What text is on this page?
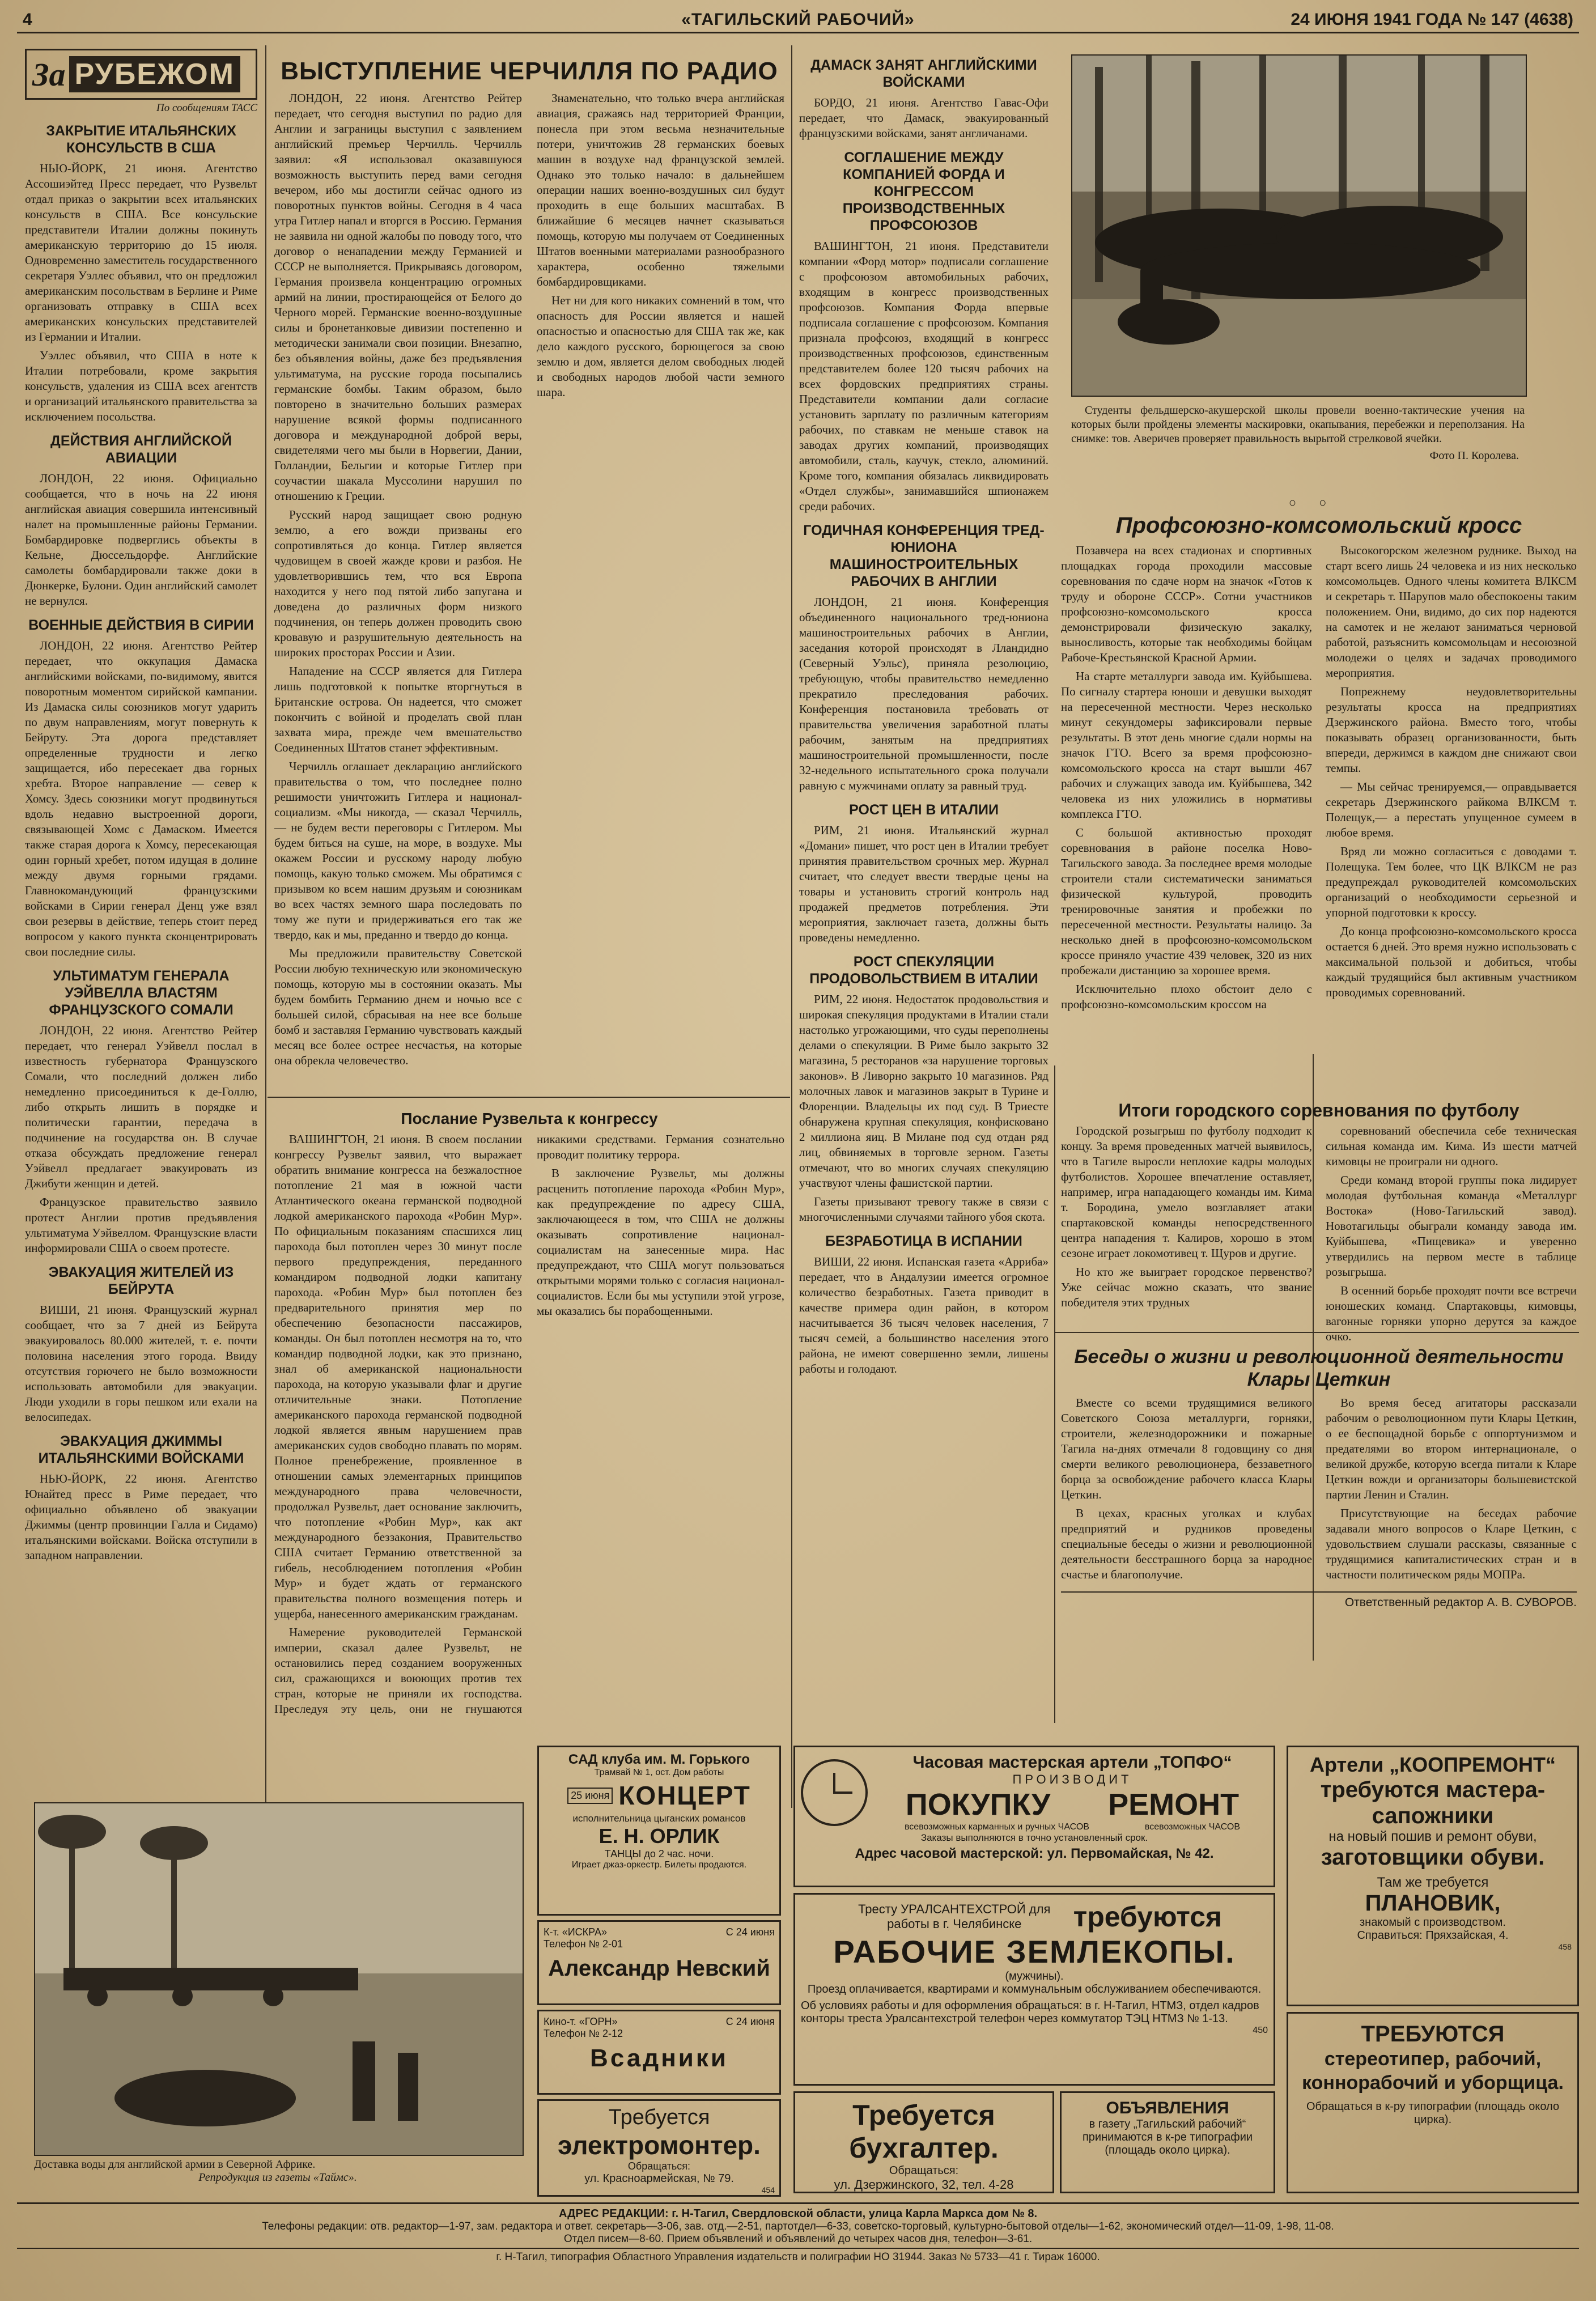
4	«ТАГИЛЬСКИЙ РАБОЧИЙ»	24 ИЮНЯ 1941 ГОДА № 147 (4638)
За РУБЕЖОМ
По сообщениям ТАСС
ЗАКРЫТИЕ ИТАЛЬЯНСКИХ КОНСУЛЬСТВ В США

НЬЮ-ЙОРК, 21 июня. Агентство Ассошиэйтед Пресс передает, что Рузвельт отдал приказ о закрытии всех итальянских консульств в США. Все консульские представители Италии должны покинуть американскую территорию до 15 июля. Одновременно заместитель государственного секретаря Уэллес объявил, что он предложил американским посольствам в Берлине и Риме организовать отправку в США всех американских консульских представителей из Германии и Италии.

Уэллес объявил, что США в ноте к Италии потребовали, кроме закрытия консульств, удаления из США всех агентств и организаций итальянского правительства за исключением посольства.

ДЕЙСТВИЯ АНГЛИЙСКОЙ АВИАЦИИ

ЛОНДОН, 22 июня. Официально сообщается, что в ночь на 22 июня английская авиация совершила интенсивный налет на промышленные районы Германии. Бомбардировке подверглись объекты в Кельне, Дюссельдорфе. Английские самолеты бомбардировали также доки в Дюнкерке, Булони. Один английский самолет не вернулся.

ВОЕННЫЕ ДЕЙСТВИЯ В СИРИИ

ЛОНДОН, 22 июня. Агентство Рейтер передает, что оккупация Дамаска английскими войсками, по-видимому, явится поворотным моментом сирийской кампании. Из Дамаска силы союзников могут ударить по двум направлениям, могут повернуть к Бейруту. Эта дорога представляет определенные трудности и легко защищается, ибо пересекает два горных хребта. Второе направление — север к Хомсу. Здесь союзники могут продвинуться вдоль недавно выстроенной дороги, связывающей Хомс с Дамаском. Имеется также старая дорога к Хомсу, пересекающая один горный хребет, потом идущая в долине между двумя горными грядами. Главнокомандующий французскими войсками в Сирии генерал Денц уже взял свои резервы в действие, теперь стоит перед вопросом у какого пункта сконцентрировать свои последние силы.

УЛЬТИМАТУМ ГЕНЕРАЛА УЭЙВЕЛЛА ВЛАСТЯМ ФРАНЦУЗСКОГО СОМАЛИ

ЛОНДОН, 22 июня. Агентство Рейтер передает, что генерал Уэйвелл послал в известность губернатора Французского Сомали, что последний должен либо немедленно присоединиться к де-Голлю, либо открыть лишить в порядке и политически гарантии, передача в подчинение на государства он. В случае отказа обсуждать предложение генерал Уэйвелл предлагает эвакуировать из Джибути женщин и детей.

Французское правительство заявило протест Англии против предъявления ультиматума Уэйвеллом. Французские власти информировали США о своем протесте.

ЭВАКУАЦИЯ ЖИТЕЛЕЙ ИЗ БЕЙРУТА

ВИШИ, 21 июня. Французский журнал сообщает, что за 7 дней из Бейрута эвакуировалось 80.000 жителей, т. е. почти половина населения этого города. Ввиду отсутствия горючего не было возможности использовать автомобили для эвакуации. Люди уходили в горы пешком или ехали на велосипедах.

ЭВАКУАЦИЯ ДЖИММЫ ИТАЛЬЯНСКИМИ ВОЙСКАМИ

НЬЮ-ЙОРК, 22 июня. Агентство Юнайтед пресс в Риме передает, что официально объявлено об эвакуации Джиммы (центр провинции Галла и Сидамо) итальянскими войсками. Войска отступили в западном направлении.

ВЫСТУПЛЕНИЕ ЧЕРЧИЛЛЯ ПО РАДИО

ЛОНДОН, 22 июня. Агентство Рейтер передает, что сегодня выступил по радио для Англии и заграницы выступил с заявлением английский премьер Черчилль. Черчилль заявил: «Я использовал оказавшуюся возможность выступить перед вами сегодня вечером, ибо мы достигли сейчас одного из поворотных пунктов войны. Сегодня в 4 часа утра Гитлер напал и вторгся в Россию. Германия не заявила ни одной жалобы по поводу того, что договор о ненападении между Германией и СССР не выполняется. Прикрываясь договором, Германия произвела концентрацию огромных армий на линии, простирающейся от Белого до Черного морей. Германские военно-воздушные силы и бронетанковые дивизии постепенно и методически занимали свои позиции. Внезапно, без объявления войны, даже без предъявления ультиматума, на русские города посыпались германские бомбы. Таким образом, было повторено в значительно больших размерах нарушение всякой формы подписанного договора и международной доброй веры, свидетелями чего мы были в Норвегии, Дании, Голландии, Бельгии и которые Гитлер при соучастии шакала Муссолини нарушил по отношению к Греции.

Русский народ защищает свою родную землю, а его вожди призваны его сопротивляться до конца. Гитлер является чудовищем в своей жажде крови и разбоя. Не удовлетворившись тем, что вся Европа находится у него под пятой либо запугана и доведена до различных форм низкого подчинения, он теперь должен проводить свою кровавую и разрушительную деятельность на широких просторах России и Азии.

Нападение на СССР является для Гитлера лишь подготовкой к попытке вторгнуться в Британские острова. Он надеется, что сможет покончить с войной и проделать свой план захвата мира, прежде чем вмешательство Соединенных Штатов станет эффективным.

Черчилль оглашает декларацию английского правительства о том, что последнее полно решимости уничтожить Гитлера и национал-социализм. «Мы никогда, — сказал Черчилль, — не будем вести переговоры с Гитлером. Мы будем биться на суше, на море, в воздухе. Мы окажем России и русскому народу любую помощь, какую только сможем. Мы обратимся с призывом ко всем нашим друзьям и союзникам во всех частях земного шара последовать по тому же пути и придерживаться его так же твердо, как и мы, преданно и твердо до конца.

Мы предложили правительству Советской России любую техническую или экономическую помощь, которую мы в состоянии оказать. Мы будем бомбить Германию днем и ночью все с большей силой, сбрасывая на нее все больше бомб и заставляя Германию чувствовать каждый месяц все более острее несчастья, на которые она обрекла человечество.

Знаменательно, что только вчера английская авиация, сражаясь над территорией Франции, понесла при этом весьма незначительные потери, уничтожив 28 германских боевых машин в воздухе над французской землей. Однако это только начало: в дальнейшем операции наших военно-воздушных сил будут проходить в еще больших масштабах. В ближайшие 6 месяцев начнет сказываться помощь, которую мы получаем от Соединенных Штатов военными материалами разнообразного характера, особенно тяжелыми бомбардировщиками.

Нет ни для кого никаких сомнений в том, что опасность для России является и нашей опасностью и опасностью для США так же, как дело каждого русского, борющегося за свою землю и дом, является делом свободных людей и свободных народов любой части земного шара.

Послание Рузвельта к конгрессу

ВАШИНГТОН, 21 июня. В своем послании конгрессу Рузвельт заявил, что выражает обратить внимание конгресса на безжалостное потопление 21 мая в южной части Атлантического океана германской подводной лодкой американского парохода «Робин Мур». По официальным показаниям спасшихся лиц парохода был потоплен через 30 минут после первого предупреждения, переданного командиром подводной лодки капитану парохода. «Робин Мур» был потоплен без предварительного принятия мер по обеспечению безопасности пассажиров, команды. Он был потоплен несмотря на то, что командир подводной лодки, как это признано, знал об американской национальности парохода, на которую указывали флаг и другие отличительные знаки. Потопление американского парохода германской подводной лодкой является явным нарушением прав американских судов свободно плавать по морям. Полное пренебрежение, проявленное в отношении самых элементарных принципов международного права человечности, продолжал Рузвельт, дает основание заключить, что потопление «Робин Мур», как акт международного беззакония, Правительство США считает Германию ответственной за гибель, несоблюдением потопления «Робин Мур» и будет ждать от германского правительства полного возмещения потерь и ущерба, нанесенного американским гражданам.

Намерение руководителей Германской империи, сказал далее Рузвельт, не остановились перед созданием вооруженных сил, сражающихся и воюющих против тех стран, которые не приняли их господства. Преследуя эту цель, они не гнушаются никакими средствами. Германия сознательно проводит политику террора.

В заключение Рузвельт, мы должны расценить потопление парохода «Робин Мур», как предупреждение по адресу США, заключающееся в том, что США не должны оказывать сопротивление национал-социалистам на занесенные мира. Нас предупреждают, что США могут пользоваться открытыми морями только с согласия национал-социалистов. Если бы мы уступили этой угрозе, мы оказались бы порабощенными.

ДАМАСК ЗАНЯТ АНГЛИЙСКИМИ ВОЙСКАМИ

БОРДО, 21 июня. Агентство Гавас-Офи передает, что Дамаск, эвакуированный французскими войсками, занят англичанами.

СОГЛАШЕНИЕ МЕЖДУ КОМПАНИЕЙ ФОРДА И КОНГРЕССОМ ПРОИЗВОДСТВЕННЫХ ПРОФСОЮЗОВ

ВАШИНГТОН, 21 июня. Представители компании «Форд мотор» подписали соглашение с профсоюзом автомобильных рабочих, входящим в конгресс производственных профсоюзов. Компания Форда впервые подписала соглашение с профсоюзом. Компания признала профсоюз, входящий в конгресс производственных профсоюзов, единственным представителем более 120 тысяч рабочих на всех фордовских предприятиях страны. Представители компании дали согласие установить зарплату по различным категориям рабочих, по ставкам не меньше ставок на заводах других компаний, производящих автомобили, сталь, каучук, стекло, алюминий. Кроме того, компания обязалась ликвидировать «Отдел службы», занимавшийся шпионажем среди рабочих.

ГОДИЧНАЯ КОНФЕРЕНЦИЯ ТРЕД-ЮНИОНА МАШИНОСТРОИТЕЛЬНЫХ РАБОЧИХ В АНГЛИИ

ЛОНДОН, 21 июня. Конференция объединенного национального тред-юниона машиностроительных рабочих в Англии, заседания которой происходят в Лландидно (Северный Уэльс), приняла резолюцию, требующую, чтобы правительство немедленно прекратило преследования рабочих. Конференция постановила требовать от правительства увеличения заработной платы рабочим, занятым на предприятиях машиностроительной промышленности, после 32-недельного испытательного срока получали равную с мужчинами оплату за равный труд.

РОСТ ЦЕН В ИТАЛИИ

РИМ, 21 июня. Итальянский журнал «Домани» пишет, что рост цен в Италии требует принятия правительством срочных мер. Журнал считает, что следует ввести твердые цены на товары и установить строгий контроль над продажей предметов потребления. Эти мероприятия, заключает газета, должны быть проведены немедленно.

РОСТ СПЕКУЛЯЦИИ ПРОДОВОЛЬСТВИЕМ В ИТАЛИИ

РИМ, 22 июня. Недостаток продовольствия и широкая спекуляция продуктами в Италии стали настолько угрожающими, что суды переполнены делами о спекуляции. В Риме было закрыто 32 магазина, 5 ресторанов «за нарушение торговых законов». В Ливорно закрыто 10 магазинов. Ряд молочных лавок и магазинов закрыт в Турине и Флоренции. Владельцы их под суд. В Триесте обнаружена крупная спекуляция, конфисковано 2 миллиона яиц. В Милане под суд отдан ряд лиц, обвиняемых в торговле зерном. Газеты отмечают, что во многих случаях спекуляцию участвуют члены фашистской партии.

Газеты призывают тревогу также в связи с многочисленными случаями тайного убоя скота.

БЕЗРАБОТИЦА В ИСПАНИИ

ВИШИ, 22 июня. Испанская газета «Арриба» передает, что в Андалузии имеется огромное количество безработных. Газета приводит в качестве примера один район, в котором насчитывается 36 тысяч человек населения, 7 тысяч семей, а большинство населения этого района, не имеют совершенно земли, лишены работы и голодают.

Студенты фельдшерско-акушерской школы провели военно-тактические учения на которых были пройдены элементы маскировки, окапывания, перебежки и переползания. На снимке: тов. Аверичев проверяет правильность вырытой стрелковой ячейки.
Фото П. Королева.
○○
Профсоюзно-комсомольский кросс

Позавчера на всех стадионах и спортивных площадках города проходили массовые соревнования по сдаче норм на значок «Готов к труду и обороне СССР». Сотни участников профсоюзно-комсомольского кросса демонстрировали физическую закалку, выносливость, которые так необходимы бойцам Рабоче-Крестьянской Красной Армии.

На старте металлурги завода им. Куйбышева. По сигналу стартера юноши и девушки выходят на пересеченной местности. Через несколько минут секундомеры зафиксировали первые результаты. В этот день многие сдали нормы на значок ГТО. Всего за время профсоюзно-комсомольского кросса на старт вышли 467 рабочих и служащих завода им. Куйбышева, 342 человека из них уложились в нормативы комплекса ГТО.

С большой активностью проходят соревнования в районе поселка Ново-Тагильского завода. За последнее время молодые строители стали систематически заниматься физической культурой, проводить тренировочные занятия и пробежки по пересеченной местности. Результаты налицо. За несколько дней в профсоюзно-комсомольском кроссе приняло участие 439 человек, 320 из них пробежали дистанцию за хорошее время.

Исключительно плохо обстоит дело с профсоюзно-комсомольским кроссом на

Высокогорском железном руднике. Выход на старт всего лишь 24 человека и из них несколько комсомольцев. Одного члены комитета ВЛКСМ и секретарь т. Шарупов мало обеспокоены таким положением. Они, видимо, до сих пор надеются на самотек и не желают заниматься черновой работой, разъяснить комсомольцам и несоюзной молодежи о целях и задачах проводимого мероприятия.

Попрежнему неудовлетворительны результаты кросса на предприятиях Дзержинского района. Вместо того, чтобы показывать образец организованности, быть впереди, держимся в каждом дне снижают свои темпы.

— Мы сейчас тренируемся,— оправдывается секретарь Дзержинского райкома ВЛКСМ т. Полещук,— а перестать упущенное сумеем в любое время.

Вряд ли можно согласиться с доводами т. Полещука. Тем более, что ЦК ВЛКСМ не раз предупреждал руководителей комсомольских организаций о необходимости серьезной и упорной подготовки к кроссу.

До конца профсоюзно-комсомольского кросса остается 6 дней. Это время нужно использовать с максимальной пользой и добиться, чтобы каждый трудящийся был активным участником проводимых соревнований.

Итоги городского соревнования по футболу

Городской розыгрыш по футболу подходит к концу. За время проведенных матчей выявилось, что в Тагиле выросли неплохие кадры молодых футболистов. Хорошее впечатление оставляет, например, игра нападающего команды им. Кима т. Бородина, умело возглавляет атаки спартаковской команды непосредственного центра нападения т. Калиров, хорошо в этом сезоне играет локомотивец т. Щуров и другие.

Но кто же выиграет городское первенство? Уже сейчас можно сказать, что звание победителя этих трудных

соревнований обеспечила себе техническая сильная команда им. Кима. Из шести матчей кимовцы не проиграли ни одного.

Среди команд второй группы пока лидирует молодая футбольная команда «Металлург Востока» (Ново-Тагильский завод). Новотагильцы обыграли команду завода им. Куйбышева, «Пищевика» и уверенно утвердились на первом месте в таблице розыгрыша.

В осенний борьбе проходят почти все встречи юношеских команд. Спартаковцы, кимовцы, вагонные горняки упорно дерутся за каждое очко.

Беседы о жизни и революционной деятельности Клары Цеткин

Вместе со всеми трудящимися великого Советского Союза металлурги, горняки, строители, железнодорожники и пожарные Тагила на-днях отмечали 8 годовщину со дня смерти великого революционера, беззаветного борца за освобождение рабочего класса Клары Цеткин.

В цехах, красных уголках и клубах предприятий и рудников проведены специальные беседы о жизни и революционной деятельности бесстрашного борца за народное счастье и благополучие.

Во время бесед агитаторы рассказали рабочим о революционном пути Клары Цеткин, о ее беспощадной борьбе с оппортунизмом и предателями во втором интернационале, о великой дружбе, которую всегда питали к Кларе Цеткин вожди и организаторы большевистской партии Ленин и Сталин.

Присутствующие на беседах рабочие задавали много вопросов о Кларе Цеткин, с удовольствием слушали рассказы, связанные с трудящимися капиталистических стран и в частности политическом ряды МОПРа.

Ответственный редактор А. В. СУВОРОВ.
Доставка воды для английской армии в Северной Африке.
Репродукция из газеты «Таймс».
СAД клуба им. М. Горького
Трамвай № 1, ост. Дом работы
25 июня КОНЦЕРТ
исполнительница цыганских романсов
Е. Н. ОРЛИК
ТАНЦЫ до 2 час. ночи.
Играет джаз-оркестр. Билеты продаются.
К-т. «ИСКРА»
Телефон № 2-01
С 24 июня
Александр Невский
Кино-т. «ГОРН»
Телефон № 2-12
С 24 июня
Всадники
Требуется
электромонтер.
Обращаться:
ул. Красноармейская, № 79.
454
Часовая мастерская артели „ТОПФО“
ПРОИЗВОДИТ
ПОКУПКУ РЕМОНТ
всевозможных карманных и ручных ЧАСОВ	всевозможных ЧАСОВ
Заказы выполняются в точно установленный срок.
Адрес часовой мастерской: ул. Первомайская, № 42.
Тресту УРАЛСАНТЕХСТРОЙ для работы в г. Челябинске	требуются
РАБОЧИЕ ЗЕМЛЕКОПЫ.
(мужчины).
Проезд оплачивается, квартирами и коммунальным обслуживанием обеспечиваются.
Об условиях работы и для оформления обращаться: в г. Н-Тагил, НТМЗ, отдел кадров конторы треста Уралсантехстрой телефон через коммутатор ТЭЦ НТМЗ № 1-13.
450
Требуется бухгалтер.
Обращаться:
ул. Дзержинского, 32, тел. 4-28
ОБЪЯВЛЕНИЯ
в газету „Тагильский рабочий“ принимаются в к-ре типографии (площадь около цирка).
Артели „КООПРЕМОНТ“
требуются мастера-сапожники
на новый пошив и ремонт обуви,
заготовщики обуви.
Там же требуется
ПЛАНОВИК,
знакомый с производством.
Справиться: Пряхзайская, 4.
458
ТРЕБУЮТСЯ
стереотипер, рабочий, коннорабочий и уборщица.
Обращаться в к-ру типографии (площадь около цирка).
АДРЕС РЕДАКЦИИ: г. Н-Тагил, Свердловской области, улица Карла Маркса дом № 8.
Телефоны редакции: отв. редактор—1-97, зам. редактора и ответ. секретарь—3-06, зав. отд.—2-51, партотдел—6-33, советско-торговый, культурно-бытовой отделы—1-62, экономический отдел—11-09, 1-98, 11-08.
Отдел писем—8-60. Прием объявлений и объявлений до четырех часов дня, телефон—3-61.
г. Н-Тагил, типография Областного Управления издательств и полиграфии НО 31944. Заказ № 5733—41 г. Тираж 16000.
